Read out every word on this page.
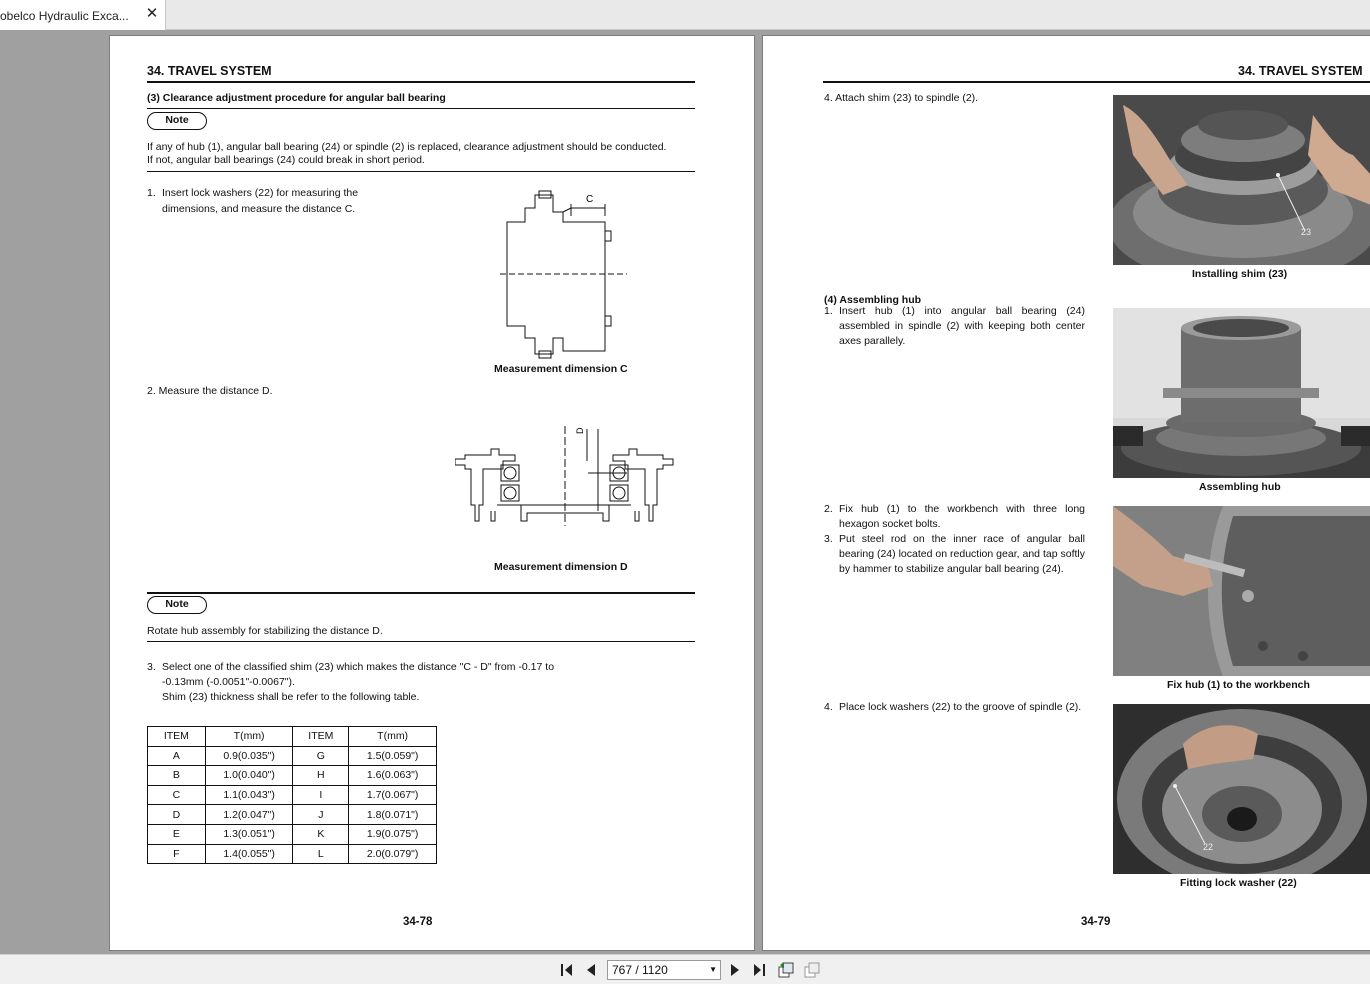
obelco Hydraulic Exca... ✕
34. TRAVEL SYSTEM
(3) Clearance adjustment procedure for angular ball bearing
Note
If any of hub (1), angular ball bearing (24) or spindle (2) is replaced, clearance adjustment should be conducted.
If not, angular ball bearings (24) could break in short period.
1. Insert lock washers (22) for measuring the
dimensions, and measure the distance C.
C
Measurement dimension C
2. Measure the distance D.
D
Measurement dimension D
Note
Rotate hub assembly for stabilizing the distance D.
3. Select one of the classified shim (23) which makes the distance "C - D" from -0.17 to
-0.13mm (-0.0051"-0.0067").
Shim (23) thickness shall be refer to the following table.
ITEM	T(mm)	ITEM	T(mm)
A	0.9(0.035")	G	1.5(0.059")
B	1.0(0.040")	H	1.6(0.063")
C	1.1(0.043")	I	1.7(0.067")
D	1.2(0.047")	J	1.8(0.071")
E	1.3(0.051")	K	1.9(0.075")
F	1.4(0.055")	L	2.0(0.079")
34-78
34. TRAVEL SYSTEM
4. Attach shim (23) to spindle (2).
23
Installing shim (23)
(4) Assembling hub
1. Insert hub (1) into angular ball bearing (24) assembled in spindle (2) with keeping both center axes parallely.
Assembling hub
2. Fix hub (1) to the workbench with three long hexagon socket bolts.
3. Put steel rod on the inner race of angular ball bearing (24) located on reduction gear, and tap softly by hammer to stabilize angular ball bearing (24).
Fix hub (1) to the workbench
4. Place lock washers (22) to the groove of spindle (2).
22
Fitting lock washer (22)
34-79
767 / 1120	▼
